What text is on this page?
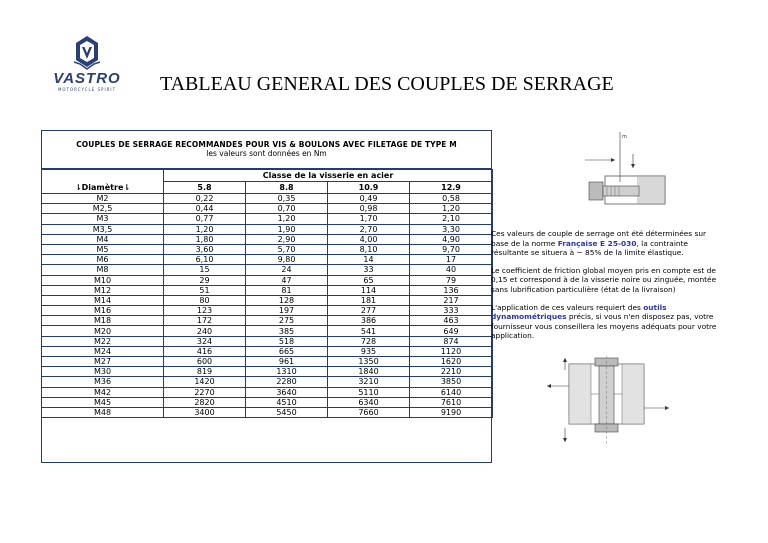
VASTRO
MOTORCYCLE SPIRIT	TABLEAU GENERAL DES COUPLES DE SERRAGE
COUPLES DE SERRAGE RECOMMANDES POUR VIS & BOULONS AVEC FILETAGE DE TYPE M
les valeurs sont données en Nm
	Classe de la visserie en acier			
⇂Diamètre⇂	5.8	8.8	10.9	12.9
M2	0,22	0,35	0,49	0,58
M2,5	0,44	0,70	0,98	1,20
M3	0,77	1,20	1,70	2,10
M3,5	1,20	1,90	2,70	3,30
M4	1,80	2,90	4,00	4,90
M5	3,60	5,70	8,10	9,70
M6	6,10	9,80	14	17
M8	15	24	33	40
M10	29	47	65	79
M12	51	81	114	136
M14	80	128	181	217
M16	123	197	277	333
M18	172	275	386	463
M20	240	385	541	649
M22	324	518	728	874
M24	416	665	935	1120
M27	600	961	1350	1620
M30	819	1310	1840	2210
M36	1420	2280	3210	3850
M42	2270	3640	5110	6140
M45	2820	4510	6340	7610
M48	3400	5450	7660	9190
m

Ces valeurs de couple de serrage ont été déterminées sur base de la norme Française E 25-030, la contrainte résultante se situera à ~ 85% de la limite élastique.

Le coefficient de friction global moyen pris en compte est de 0,15 et correspond à de la visserie noire ou zinguée, montée sans lubrification particulière (état de la livraison)

L'application de ces valeurs requiert des outils dynamométriques précis, si vous n'en disposez pas, votre fournisseur vous conseillera les moyens adéquats pour votre application.
